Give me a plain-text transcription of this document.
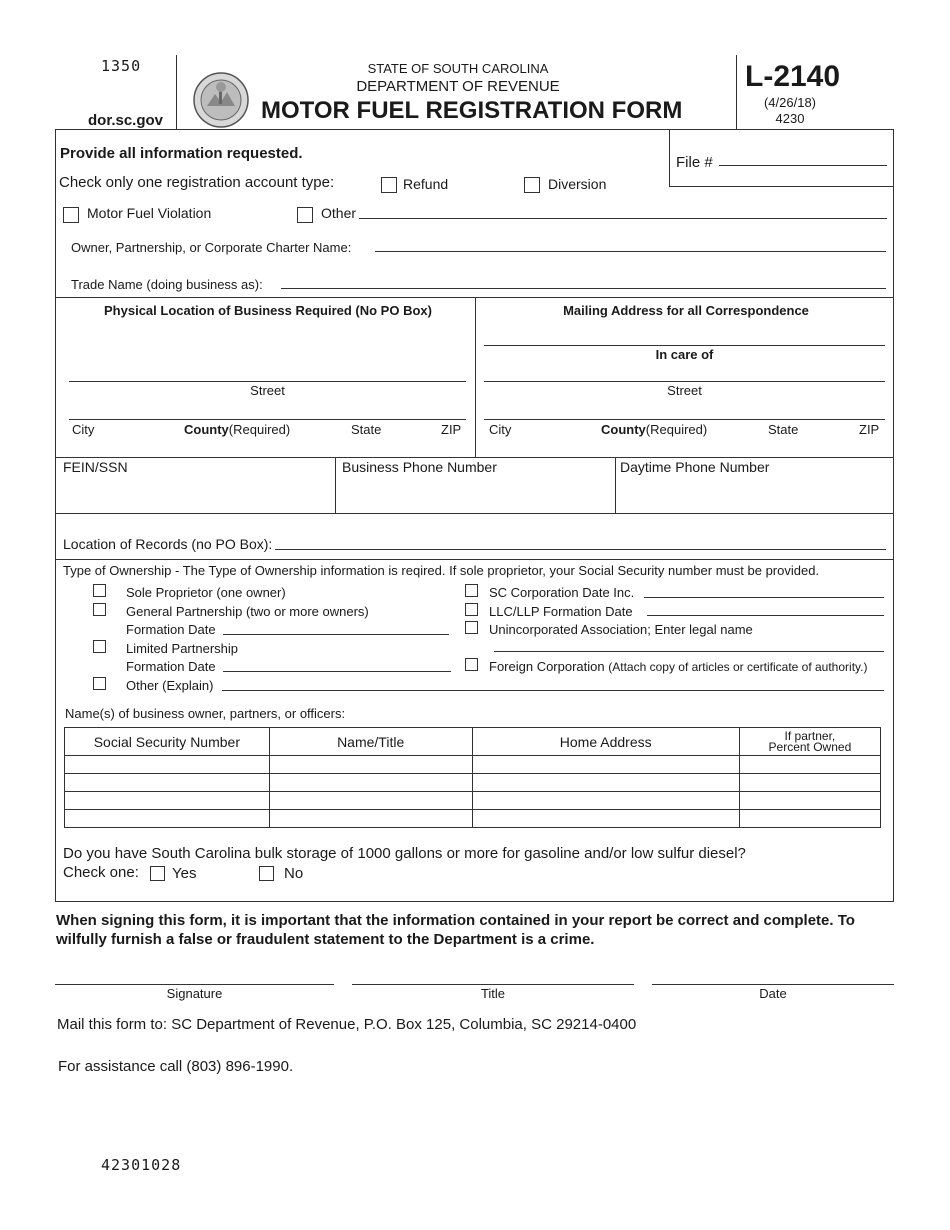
1350
dor.sc.gov
STATE OF SOUTH CAROLINA
DEPARTMENT OF REVENUE
MOTOR FUEL REGISTRATION FORM
L-2140
(4/26/18)
4230
Provide all information requested.
File #
Check only one registration account type:	Refund	Diversion
Motor Fuel Violation	Other
Owner, Partnership, or Corporate Charter Name:
Trade Name (doing business as):
Physical Location of Business Required (No PO Box)
Street
City	County(Required)	State	ZIP
Mailing Address for all Correspondence
In care of
Street
City	County(Required)	State	ZIP
FEIN/SSN	Business Phone Number	Daytime Phone Number
Location of Records (no PO Box):
Type of Ownership - The Type of Ownership information is reqired. If sole proprietor, your Social Security number must be provided.
Sole Proprietor (one owner)
General Partnership (two or more owners)
Formation Date
Limited Partnership
Formation Date
Other (Explain)
SC Corporation Date Inc.
LLC/LLP Formation Date
Unincorporated Association; Enter legal name
Foreign Corporation (Attach copy of articles or certificate of authority.)
Name(s) of business owner, partners, or officers:
Social Security Number	Name/Title	Home Address	If partner,
Percent Owned

Do you have South Carolina bulk storage of 1000 gallons or more for gasoline and/or low sulfur diesel?
Check one: Yes	No
When signing this form, it is important that the information contained in your report be correct and complete. To wilfully furnish a false or fraudulent statement to the Department is a crime.
Signature	Title	Date
Mail this form to: SC Department of Revenue, P.O. Box 125, Columbia, SC 29214-0400
For assistance call (803) 896-1990.
42301028
